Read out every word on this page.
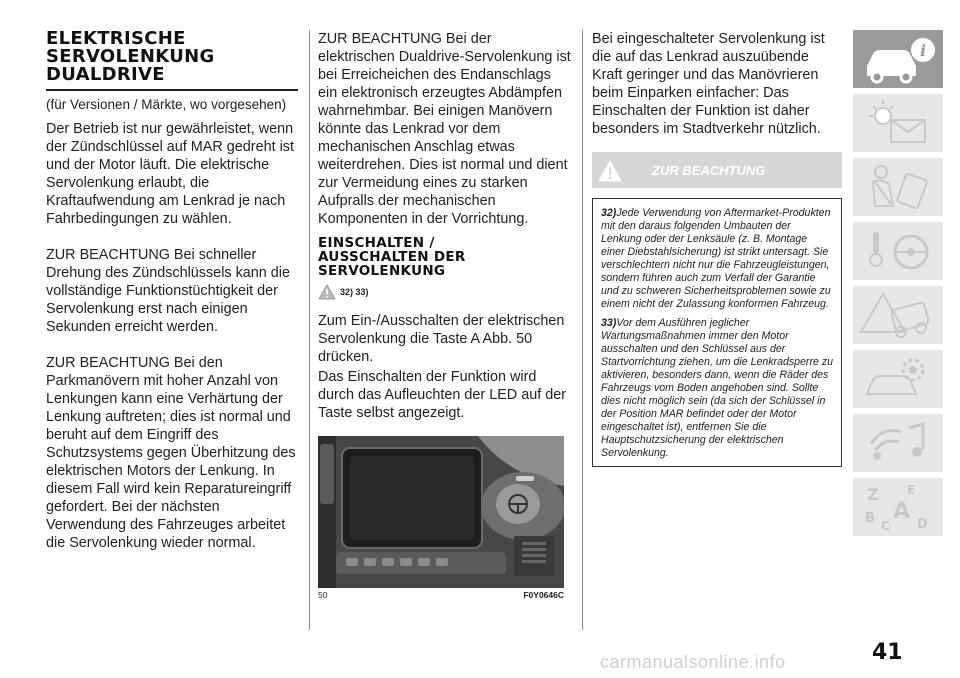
ELEKTRISCHE
SERVOLENKUNG
DUALDRIVE

(für Versionen / Märkte, wo vorgesehen)

Der Betrieb ist nur gewährleistet, wenn der Zündschlüssel auf MAR gedreht ist und der Motor läuft. Die elektrische Servolenkung erlaubt, die Kraftaufwendung am Lenkrad je nach Fahrbedingungen zu wählen.

ZUR BEACHTUNG Bei schneller Drehung des Zündschlüssels kann die vollständige Funktionstüchtigkeit der Servolenkung erst nach einigen Sekunden erreicht werden.

ZUR BEACHTUNG Bei den Parkmanövern mit hoher Anzahl von Lenkungen kann eine Verhärtung der Lenkung auftreten; dies ist normal und beruht auf dem Eingriff des Schutzsystems gegen Überhitzung des elektrischen Motors der Lenkung. In diesem Fall wird kein Reparatureingriff gefordert. Bei der nächsten Verwendung des Fahrzeuges arbeitet die Servolenkung wieder normal.

ZUR BEACHTUNG Bei der elektrischen Dualdrive-Servolenkung ist bei Erreicheichen des Endanschlags ein elektronisch erzeugtes Abdämpfen wahrnehmbar. Bei einigen Manövern könnte das Lenkrad vor dem mechanischen Anschlag etwas weiterdrehen. Dies ist normal und dient zur Vermeidung eines zu starken Aufpralls der mechanischen Komponenten in der Vorrichtung.

EINSCHALTEN /
AUSSCHALTEN DER
SERVOLENKUNG
32) 33)

Zum Ein-/Ausschalten der elektrischen Servolenkung die Taste A Abb. 50 drücken.

Das Einschalten der Funktion wird durch das Aufleuchten der LED auf der Taste selbst angezeigt.

50	F0Y0646C

Bei eingeschalteter Servolenkung ist die auf das Lenkrad auszuübende Kraft geringer und das Manövrieren beim Einparken einfacher: Das Einschalten der Funktion ist daher besonders im Stadtverkehr nützlich.

ZUR BEACHTUNG

32)Jede Verwendung von Aftermarket-Produkten mit den daraus folgenden Umbauten der Lenkung oder der Lenksäule (z. B. Montage einer Diebstahlsicherung) ist strikt untersagt. Sie verschlechtern nicht nur die Fahrzeugleistungen, sondern führen auch zum Verfall der Garantie und zu schweren Sicherheitsproblemen sowie zu einem nicht der Zulassung konformen Fahrzeug.

33)Vor dem Ausführen jeglicher Wartungsmaßnahmen immer den Motor ausschalten und den Schlüssel aus der Startvorrichtung ziehen, um die Lenkradsperre zu aktivieren, besonders dann, wenn die Räder des Fahrzeugs vom Boden angehoben sind. Sollte dies nicht möglich sein (da sich der Schlüssel in der Position MAR befindet oder der Motor eingeschaltet ist), entfernen Sie die Hauptschutzsicherung der elektrischen Servolenkung.

i
Z E
B A
C D
41
carmanualsonline.info
